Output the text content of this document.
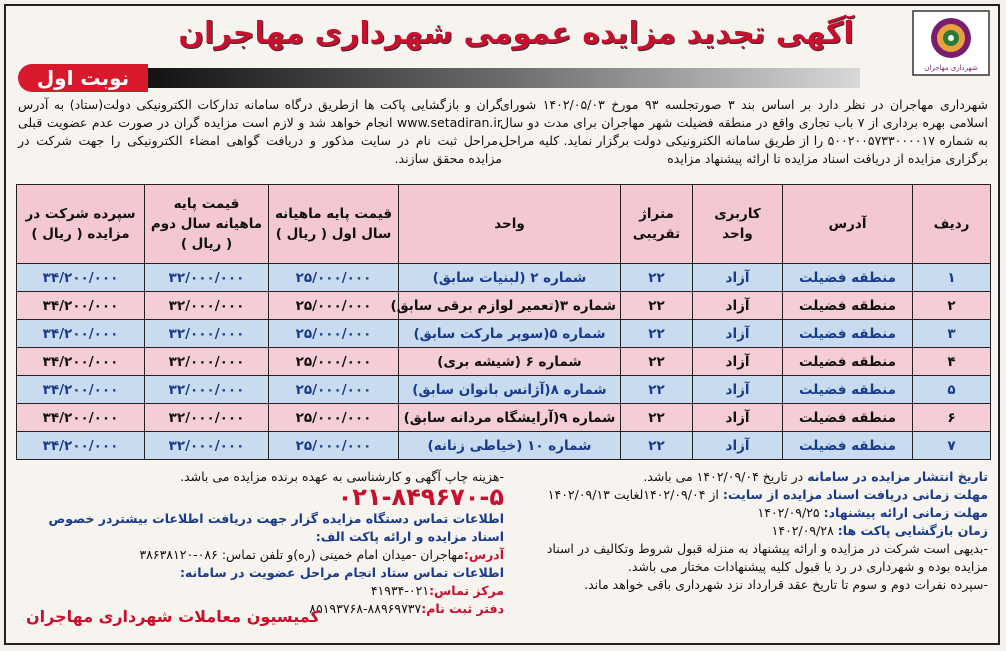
شهرداری مهاجران
آگهی تجدید مزایده عمومی شهرداری مهاجران
نوبت اول
شهرداری مهاجران در نظر دارد بر اساس بند ۳ صورتجلسه ۹۳ مورخ ۱۴۰۲/۰۵/۰۳ شورای اسلامی بهره برداری از ۷ باب تجاری واقع در منطقه فضیلت شهر مهاجران برای مدت دو سال به شماره ۵۰۰۲۰۰۵۷۳۳۰۰۰۰۱۷ را از طریق سامانه الکترونیکی دولت برگزار نماید. کلیه مراحل برگزاری مزایده از دریافت اسناد مزایده تا ارائه پیشنهاد مزایده
گران و بازگشایی پاکت ها ازطریق درگاه سامانه تدارکات الکترونیکی دولت(ستاد) به آدرس www.setadiran.ir انجام خواهد شد و لازم است مزایده گران در صورت عدم عضویت قبلی ،مراحل ثبت نام در سایت مذکور و دریافت گواهی امضاء الکترونیکی را جهت شرکت در مزایده محقق سازند.
ردیف	آدرس	کاربری واحد	متراژ تقریبی	واحد	قیمت پایه ماهیانه سال اول ( ریال )	قیمت پایه ماهیانه سال دوم ( ریال )	سپرده شرکت در مزایده ( ریال )
۱	منطقه فضیلت	آزاد	۲۲	شماره ۲ (لبنیات سابق)	۲۵/۰۰۰/۰۰۰	۳۲/۰۰۰/۰۰۰	۳۴/۲۰۰/۰۰۰
۲	منطقه فضیلت	آزاد	۲۲	شماره ۳(تعمیر لوازم برقی سابق)	۲۵/۰۰۰/۰۰۰	۳۲/۰۰۰/۰۰۰	۳۴/۲۰۰/۰۰۰
۳	منطقه فضیلت	آزاد	۲۲	شماره ۵(سوپر مارکت سابق)	۲۵/۰۰۰/۰۰۰	۳۲/۰۰۰/۰۰۰	۳۴/۲۰۰/۰۰۰
۴	منطقه فضیلت	آزاد	۲۲	شماره ۶ (شیشه بری)	۲۵/۰۰۰/۰۰۰	۳۲/۰۰۰/۰۰۰	۳۴/۲۰۰/۰۰۰
۵	منطقه فضیلت	آزاد	۲۲	شماره ۸(آژانس بانوان سابق)	۲۵/۰۰۰/۰۰۰	۳۲/۰۰۰/۰۰۰	۳۴/۲۰۰/۰۰۰
۶	منطقه فضیلت	آزاد	۲۲	شماره ۹(آرایشگاه مردانه سابق)	۲۵/۰۰۰/۰۰۰	۳۲/۰۰۰/۰۰۰	۳۴/۲۰۰/۰۰۰
۷	منطقه فضیلت	آزاد	۲۲	شماره ۱۰ (خیاطی زنانه)	۲۵/۰۰۰/۰۰۰	۳۲/۰۰۰/۰۰۰	۳۴/۲۰۰/۰۰۰

تاریخ انتشار مزایده در سامانه در تاریخ ۱۴۰۲/۰۹/۰۴ می باشد.

مهلت زمانی دریافت اسناد مزایده از سایت: از ۱۴۰۲/۰۹/۰۴لغایت ۱۴۰۲/۰۹/۱۳

مهلت زمانی ارائه پیشنهاد: ۱۴۰۲/۰۹/۲۵

زمان بازگشایی پاکت ها: ۱۴۰۲/۰۹/۲۸

-بدیهی است شرکت در مزایده و ارائه پیشنهاد به منزله قبول شروط وتکالیف در اسناد مزایده بوده و شهرداری در رد یا قبول کلیه پیشنهادات مختار می باشد.

-سپرده نفرات دوم و سوم تا تاریخ عقد قرارداد نزد شهرداری باقی خواهد ماند.

-هزینه چاپ آگهی و کارشناسی به عهده برنده مزایده می باشد.

۰۲۱-۸۴۹۶۷۰-۵

اطلاعات تماس دستگاه مزایده گزار جهت دریافت اطلاعات بیشتردر خصوص اسناد مزایده و ارائه پاکت الف:

آدرس:مهاجران -میدان امام خمینی (ره)و تلفن تماس: ۰۸۶-۳۸۶۳۸۱۲۰

اطلاعات تماس ستاد انجام مراحل عضویت در سامانه:

مرکز تماس:۰۲۱-۴۱۹۳۴

دفتر ثبت نام:۸۸۹۶۹۷۳۷-۸۵۱۹۳۷۶۸

کمیسیون معاملات شهرداری مهاجران
